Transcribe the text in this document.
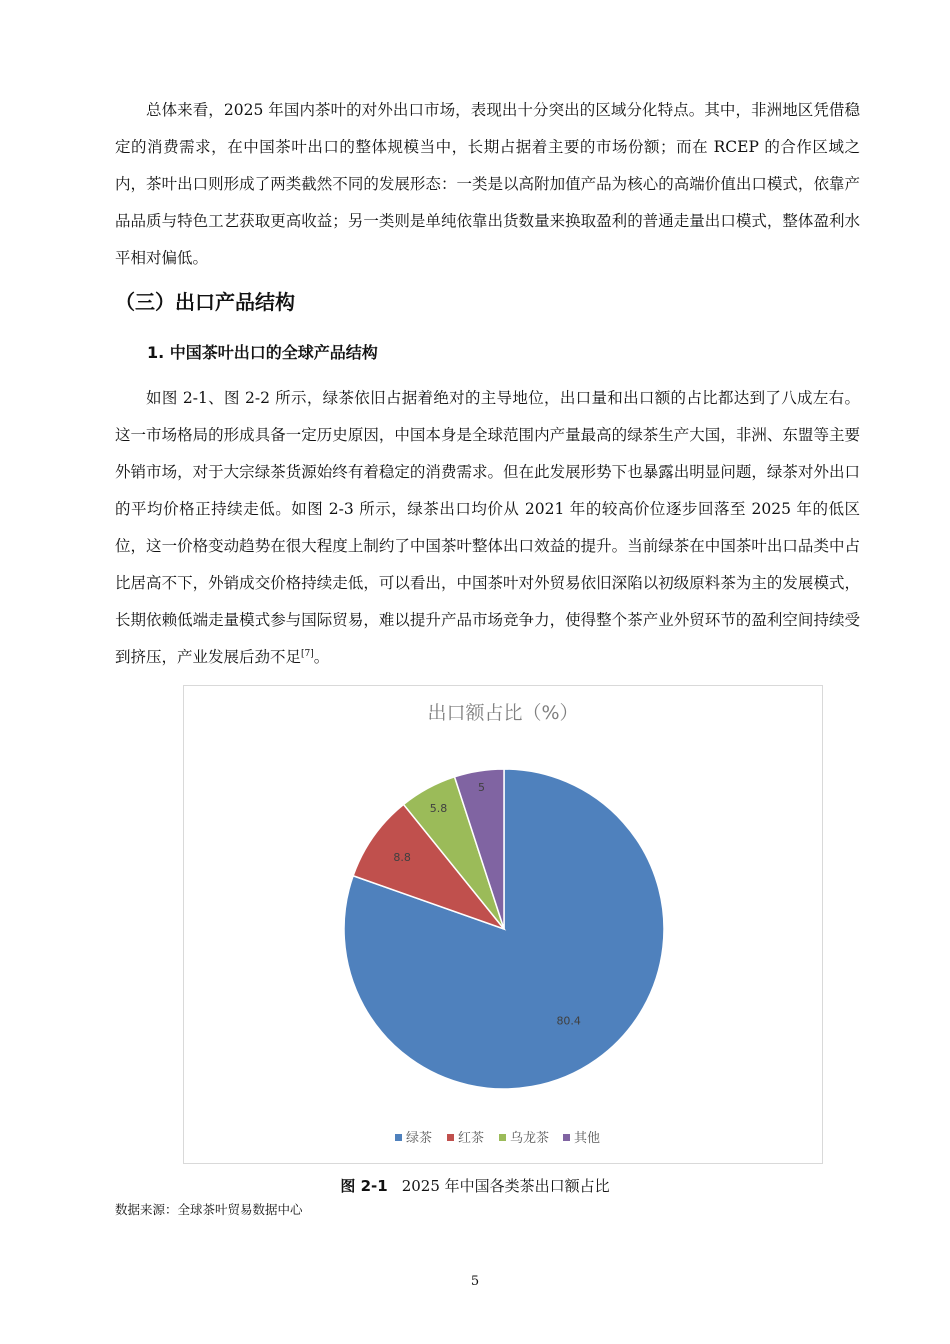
总体来看，2025 年国内茶叶的对外出口市场，表现出十分突出的区域分化特点。其中，非洲地区凭借稳定的消费需求，在中国茶叶出口的整体规模当中，长期占据着主要的市场份额；而在 RCEP 的合作区域之内，茶叶出口则形成了两类截然不同的发展形态：一类是以高附加值产品为核心的高端价值出口模式，依靠产品品质与特色工艺获取更高收益；另一类则是单纯依靠出货数量来换取盈利的普通走量出口模式，整体盈利水平相对偏低。

（三）出口产品结构
1. 中国茶叶出口的全球产品结构

如图 2-1、图 2-2 所示，绿茶依旧占据着绝对的主导地位，出口量和出口额的占比都达到了八成左右。这一市场格局的形成具备一定历史原因，中国本身是全球范围内产量最高的绿茶生产大国，非洲、东盟等主要外销市场，对于大宗绿茶货源始终有着稳定的消费需求。但在此发展形势下也暴露出明显问题，绿茶对外出口的平均价格正持续走低。如图 2-3 所示，绿茶出口均价从 2021 年的较高价位逐步回落至 2025 年的低区位，这一价格变动趋势在很大程度上制约了中国茶叶整体出口效益的提升。当前绿茶在中国茶叶出口品类中占比居高不下，外销成交价格持续走低，可以看出，中国茶叶对外贸易依旧深陷以初级原料茶为主的发展模式，长期依赖低端走量模式参与国际贸易，难以提升产品市场竞争力，使得整个茶产业外贸环节的盈利空间持续受到挤压，产业发展后劲不足[7]。

出口额占比（%）
80.4
8.8
5.8
5
绿茶 红茶 乌龙茶 其他
图 2-1 2025 年中国各类茶出口额占比
数据来源：全球茶叶贸易数据中心
5
